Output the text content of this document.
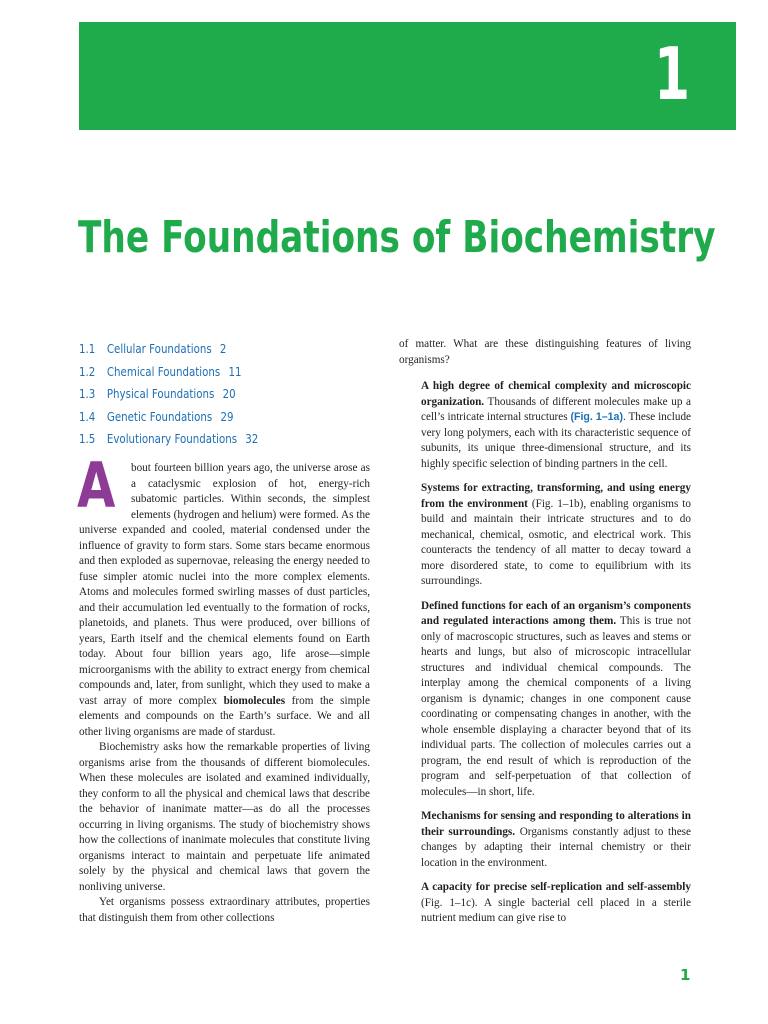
1
The Foundations of Biochemistry
1.1 Cellular Foundations 2
1.2 Chemical Foundations 11
1.3 Physical Foundations 20
1.4 Genetic Foundations 29
1.5 Evolutionary Foundations 32

A bout fourteen billion years ago, the universe arose as a cataclysmic explosion of hot, energy-rich subatomic particles. Within seconds, the simplest elements (hydrogen and helium) were formed. As the universe expanded and cooled, material condensed under the influence of gravity to form stars. Some stars became enormous and then exploded as supernovae, releasing the energy needed to fuse simpler atomic nuclei into the more complex elements. Atoms and molecules formed swirling masses of dust particles, and their accumulation led eventually to the formation of rocks, planetoids, and planets. Thus were produced, over billions of years, Earth itself and the chemical elements found on Earth today. About four billion years ago, life arose—simple microorganisms with the ability to extract energy from chemical compounds and, later, from sunlight, which they used to make a vast array of more complex biomolecules from the simple elements and compounds on the Earth’s surface. We and all other living organisms are made of stardust.

Biochemistry asks how the remarkable properties of living organisms arise from the thousands of different biomolecules. When these molecules are isolated and examined individually, they conform to all the physical and chemical laws that describe the behavior of inanimate matter—as do all the processes occurring in living organisms. The study of biochemistry shows how the collections of inanimate molecules that constitute living organisms interact to maintain and perpetuate life animated solely by the physical and chemical laws that govern the nonliving universe.

Yet organisms possess extraordinary attributes, properties that distinguish them from other collections

of matter. What are these distinguishing features of living organisms?

A high degree of chemical complexity and microscopic organization. Thousands of different molecules make up a cell’s intricate internal structures (Fig. 1–1a). These include very long polymers, each with its characteristic sequence of subunits, its unique three-dimensional structure, and its highly specific selection of binding partners in the cell.

Systems for extracting, transforming, and using energy from the environment (Fig. 1–1b), enabling organisms to build and maintain their intricate structures and to do mechanical, chemical, osmotic, and electrical work. This counteracts the tendency of all matter to decay toward a more disordered state, to come to equilibrium with its surroundings.

Defined functions for each of an organism’s components and regulated interactions among them. This is true not only of macroscopic structures, such as leaves and stems or hearts and lungs, but also of microscopic intracellular structures and individual chemical compounds. The interplay among the chemical components of a living organism is dynamic; changes in one component cause coordinating or compensating changes in another, with the whole ensemble displaying a character beyond that of its individual parts. The collection of molecules carries out a program, the end result of which is reproduction of the program and self-perpetuation of that collection of molecules—in short, life.

Mechanisms for sensing and responding to alterations in their surroundings. Organisms constantly adjust to these changes by adapting their internal chemistry or their location in the environment.

A capacity for precise self-replication and self-assembly (Fig. 1–1c). A single bacterial cell placed in a sterile nutrient medium can give rise to

1
